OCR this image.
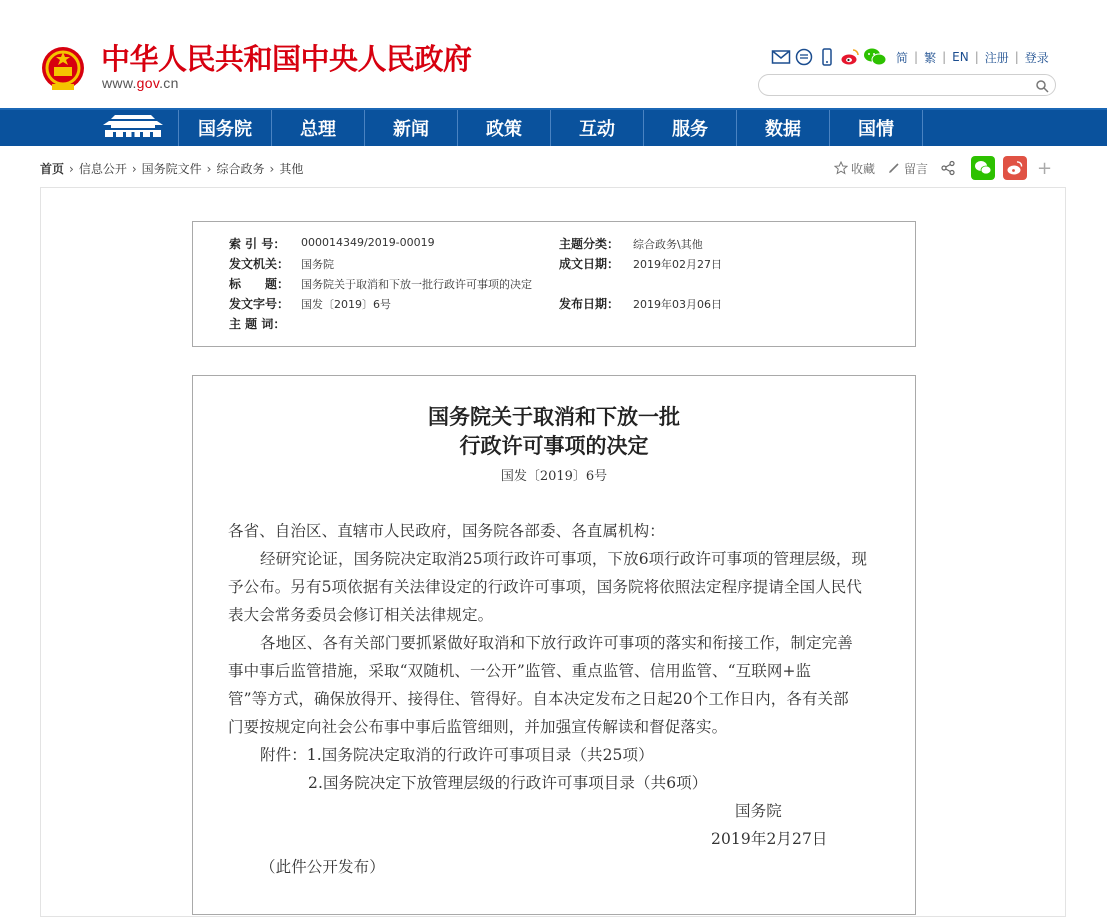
中华人民共和国中央人民政府
www.gov.cn
简 | 繁 | EN | 注册 | 登录
国务院	总理	新闻	政策	互动	服务	数据	国情
首页 › 信息公开 › 国务院文件 › 综合政务 › 其他	收藏 留言	+
索 引 号： 000014349/2019-00019	主题分类： 综合政务\其他
发文机关： 国务院	成文日期： 2019年02月27日
标　　题： 国务院关于取消和下放一批行政许可事项的决定
发文字号： 国发〔2019〕6号	发布日期： 2019年03月06日
主 题 词：
国务院关于取消和下放一批
行政许可事项的决定
国发〔2019〕6号
各省、自治区、直辖市人民政府，国务院各部委、各直属机构：
经研究论证，国务院决定取消25项行政许可事项，下放6项行政许可事项的管理层级，现
予公布。另有5项依据有关法律设定的行政许可事项，国务院将依照法定程序提请全国人民代
表大会常务委员会修订相关法律规定。
各地区、各有关部门要抓紧做好取消和下放行政许可事项的落实和衔接工作，制定完善
事中事后监管措施，采取“双随机、一公开”监管、重点监管、信用监管、“互联网+监
管”等方式，确保放得开、接得住、管得好。自本决定发布之日起20个工作日内，各有关部
门要按规定向社会公布事中事后监管细则，并加强宣传解读和督促落实。
附件：1.国务院决定取消的行政许可事项目录（共25项）
2.国务院决定下放管理层级的行政许可事项目录（共6项）
国务院
2019年2月27日
（此件公开发布）
